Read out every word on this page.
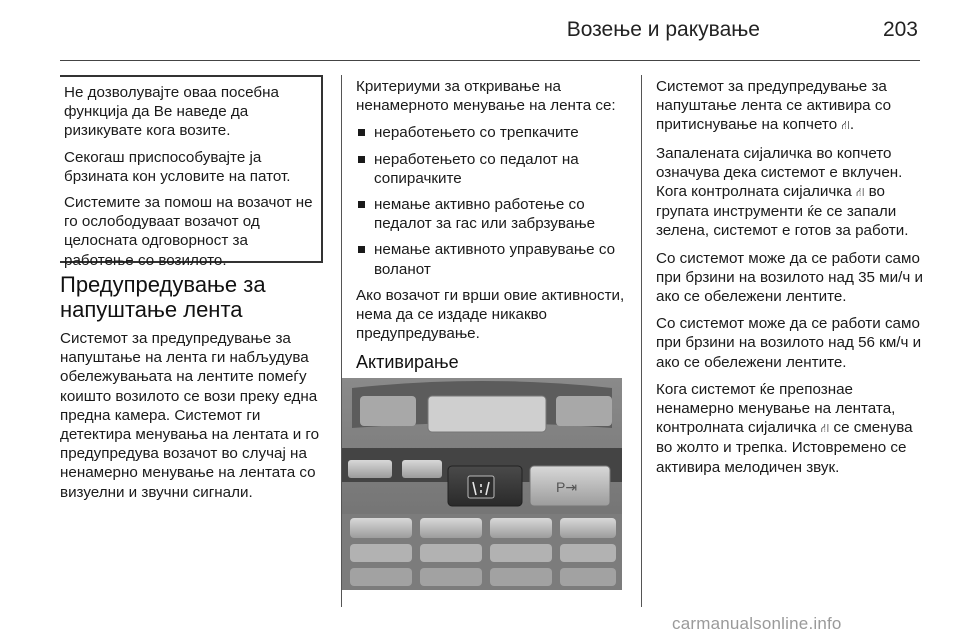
Возење и ракување	203

Не дозволувајте оваа посебна функција да Ве наведе да ризикувате кога возите.

Секогаш приспособувајте ја брзината кон условите на патот.

Системите за помош на возачот не го ослободуваат возачот од целосната одговорност за работење со возилото.

Предупредување за напуштање лента

Системот за предупредување за напуштање на лента ги набљудува обележувањата на лентите помеѓу коишто возилото се вози преку една предна камера. Системот ги детектира менувања на лентата и го предупредува возачот во случај на ненамерно менување на лентата со визуелни и звучни сигнали.

Критериуми за откривање на ненамерното менување на лента се:

неработењето со трепкачите
неработењето со педалот на сопирачките
немање активно работење со педалот за гас или забрзување
немање активното управување со воланот

Ако возачот ги врши овие активности, нема да се издаде никакво предупредување.

Активирање
P⇥

Системот за предупредување за напуштање лента се активира со притиснување на копчето ⛙.

Запалената сијаличка во копчето означува дека системот е вклучен. Кога контролната сијаличка ⛙ во групата инструменти ќе се запали зелена, системот е готов за работи.

Со системот може да се работи само при брзини на возилото над 35 ми/ч и ако се обележени лентите.

Со системот може да се работи само при брзини на возилото над 56 км/ч и ако се обележени лентите.

Кога системот ќе препознае ненамерно менување на лентата, контролната сијаличка ⛙ се сменува во жолто и трепка. Истовремено се активира мелодичен звук.

carmanualsonline.info
